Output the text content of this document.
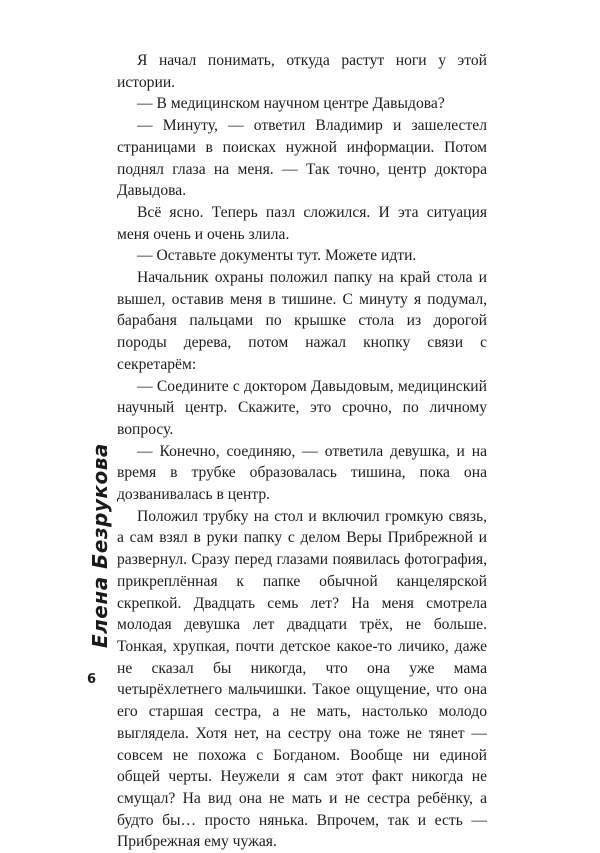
Я начал понимать, откуда растут ноги у этой истории.

— В медицинском научном центре Давыдова?

— Минуту, — ответил Владимир и зашелестел страницами в поисках нужной информации. Потом поднял глаза на меня. — Так точно, центр доктора Давыдова.

Всё ясно. Теперь пазл сложился. И эта ситуация меня очень и очень злила.

— Оставьте документы тут. Можете идти.

Начальник охраны положил папку на край стола и вышел, оставив меня в тишине. С минуту я подумал, барабаня пальцами по крышке стола из дорогой породы дерева, потом нажал кнопку связи с секретарём:

— Соедините с доктором Давыдовым, медицинский научный центр. Скажите, это срочно, по личному вопросу.

— Конечно, соединяю, — ответила девушка, и на время в трубке образовалась тишина, пока она дозванивалась в центр.

Положил трубку на стол и включил громкую связь, а сам взял в руки папку с делом Веры Прибрежной и развернул. Сразу перед глазами появилась фотография, прикреплённая к папке обычной канцелярской скрепкой. Двадцать семь лет? На меня смотрела молодая девушка лет двадцати трёх, не больше. Тонкая, хрупкая, почти детское какое-то личико, даже не сказал бы никогда, что она уже мама четырёхлетнего мальчишки. Такое ощущение, что она его старшая сестра, а не мать, настолько молодо выглядела. Хотя нет, на сестру она тоже не тянет — совсем не похожа с Богданом. Вообще ни единой общей черты. Неужели я сам этот факт никогда не смущал? На вид она не мать и не сестра ребёнку, а будто бы… просто нянька. Впрочем, так и есть — Прибрежная ему чужая.

Елена Безрукова
6
